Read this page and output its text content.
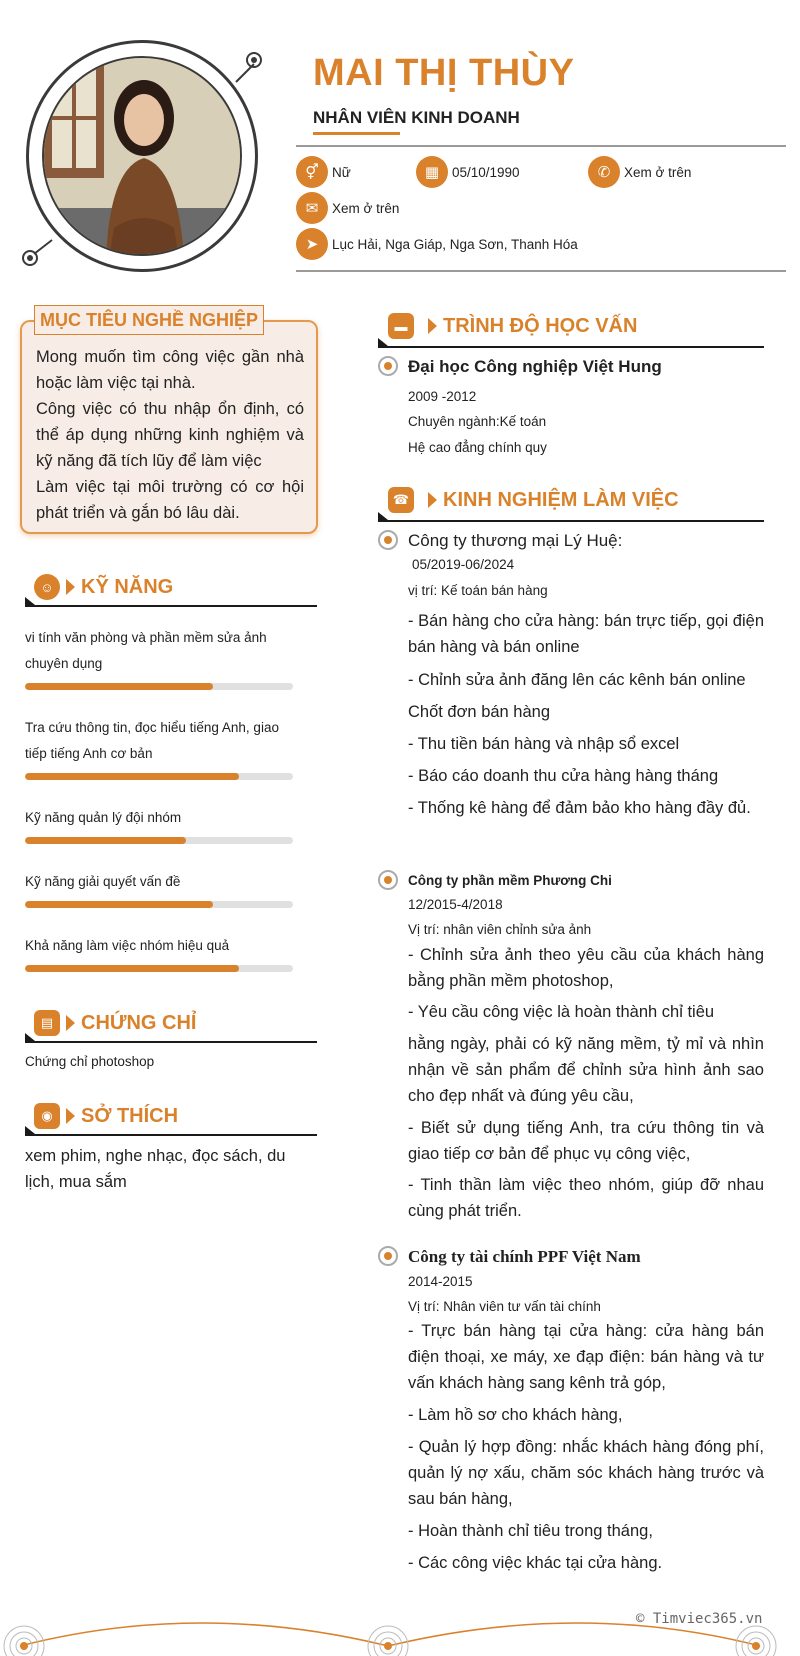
MAI THỊ THÙY
NHÂN VIÊN KINH DOANH
⚥ Nữ	▦ 05/10/1990	✆	Xem ở trên
✉	Xem ở trên
➤	Lục Hải, Nga Giáp, Nga Sơn, Thanh Hóa
Mong muốn tìm công việc gần nhà hoặc làm việc tại nhà.
Công việc có thu nhập ổn định, có thể áp dụng những kinh nghiệm và kỹ năng đã tích lũy để làm việc
Làm việc tại môi trường có cơ hội phát triển và gắn bó lâu dài.
MỤC TIÊU NGHỀ NGHIỆP
☺	KỸ NĂNG
vi tính văn phòng và phần mềm sửa ảnh chuyên dụng
Tra cứu thông tin, đọc hiểu tiếng Anh, giao tiếp tiếng Anh cơ bản
Kỹ năng quản lý đội nhóm
Kỹ năng giải quyết vấn đề
Khả năng làm việc nhóm hiệu quả
▤	CHỨNG CHỈ
Chứng chỉ photoshop
◉	SỞ THÍCH
xem phim, nghe nhạc, đọc sách, du lịch, mua sắm
▬	TRÌNH ĐỘ HỌC VẤN
Đại học Công nghiệp Việt Hung
2009 -2012
Chuyên ngành:Kế toán
Hệ cao đẳng chính quy
☎ KINH NGHIỆM LÀM VIỆC
Công ty thương mại Lý Huệ:
05/2019-06/2024
vị trí: Kế toán bán hàng
- Bán hàng cho cửa hàng: bán trực tiếp, gọi điện bán hàng và bán online
- Chỉnh sửa ảnh đăng lên các kênh bán online
Chốt đơn bán hàng
- Thu tiền bán hàng và nhập sổ excel
- Báo cáo doanh thu cửa hàng hàng tháng
- Thống kê hàng để đảm bảo kho hàng đầy đủ.
Công ty phần mềm Phương Chi
12/2015-4/2018
Vị trí: nhân viên chỉnh sửa ảnh
- Chỉnh sửa ảnh theo yêu cầu của khách hàng bằng phần mềm photoshop,
- Yêu cầu công việc là hoàn thành chỉ tiêu
hằng ngày, phải có kỹ năng mềm, tỷ mỉ và nhìn nhận về sản phẩm để chỉnh sửa hình ảnh sao cho đẹp nhất và đúng yêu cầu,
- Biết sử dụng tiếng Anh, tra cứu thông tin và giao tiếp cơ bản để phục vụ công việc,
- Tinh thần làm việc theo nhóm, giúp đỡ nhau cùng phát triển.
Công ty tài chính PPF Việt Nam
2014-2015
Vị trí: Nhân viên tư vấn tài chính
- Trực bán hàng tại cửa hàng: cửa hàng bán điện thoại, xe máy, xe đạp điện: bán hàng và tư vấn khách hàng sang kênh trả góp,
- Làm hồ sơ cho khách hàng,
- Quản lý hợp đồng: nhắc khách hàng đóng phí, quản lý nợ xấu, chăm sóc khách hàng trước và sau bán hàng,
- Hoàn thành chỉ tiêu trong tháng,
- Các công việc khác tại cửa hàng.
© Timviec365.vn
